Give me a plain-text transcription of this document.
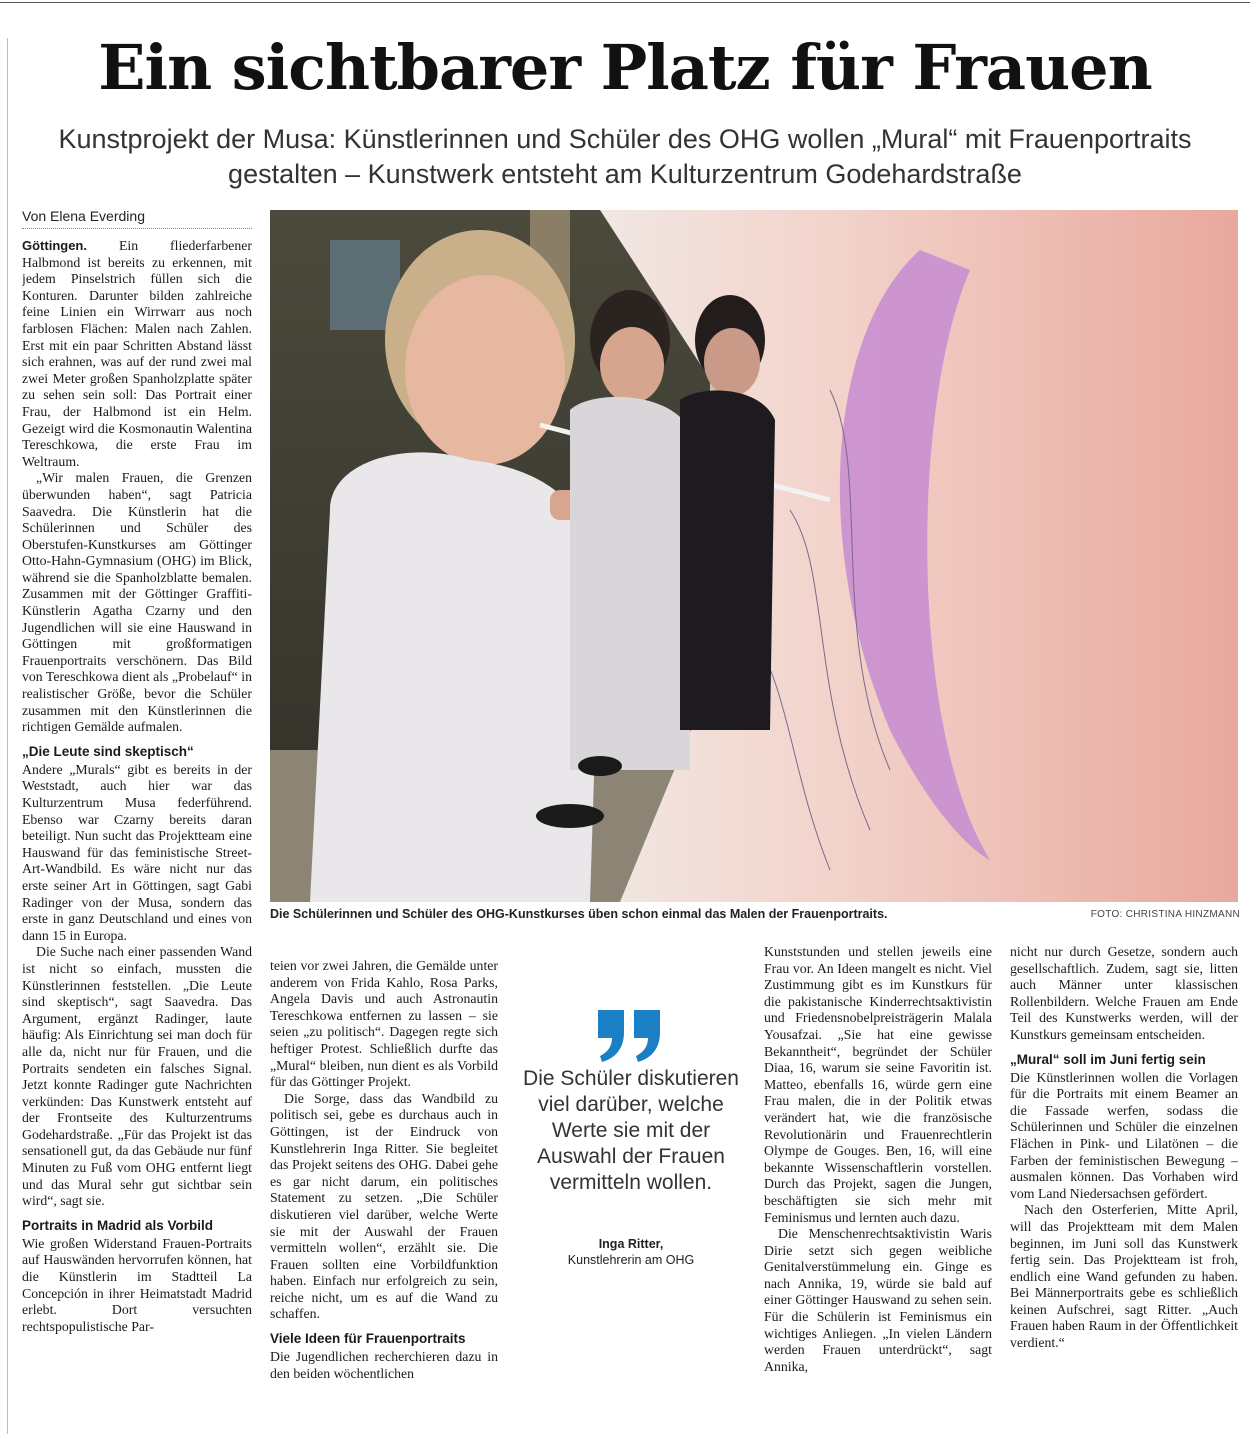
Ein sichtbarer Platz für Frauen
Kunstprojekt der Musa: Künstlerinnen und Schüler des OHG wollen „Mural“ mit Frauenportraits gestalten – Kunstwerk entsteht am Kulturzentrum Godehardstraße
Von Elena Everding

Göttingen. Ein fliederfarbener Halbmond ist bereits zu erkennen, mit jedem Pinselstrich füllen sich die Konturen. Darunter bilden zahlreiche feine Linien ein Wirrwarr aus noch farblosen Flächen: Malen nach Zahlen. Erst mit ein paar Schritten Abstand lässt sich erahnen, was auf der rund zwei mal zwei Meter großen Spanholzplatte später zu sehen sein soll: Das Portrait einer Frau, der Halbmond ist ein Helm. Gezeigt wird die Kosmonautin Walentina Tereschkowa, die erste Frau im Weltraum.

„Wir malen Frauen, die Grenzen überwunden haben“, sagt Patricia Saavedra. Die Künstlerin hat die Schülerinnen und Schüler des Oberstufen-Kunstkurses am Göttinger Otto-Hahn-Gymnasium (OHG) im Blick, während sie die Spanholzblatte bemalen. Zusammen mit der Göttinger Graffiti-Künstlerin Agatha Czarny und den Jugendlichen will sie eine Hauswand in Göttingen mit großformatigen Frauenportraits verschönern. Das Bild von Tereschkowa dient als „Probelauf“ in realistischer Größe, bevor die Schüler zusammen mit den Künstlerinnen die richtigen Gemälde aufmalen.

„Die Leute sind skeptisch“

Andere „Murals“ gibt es bereits in der Weststadt, auch hier war das Kulturzentrum Musa federführend. Ebenso war Czarny bereits daran beteiligt. Nun sucht das Projektteam eine Hauswand für das feministische Street-Art-Wandbild. Es wäre nicht nur das erste seiner Art in Göttingen, sagt Gabi Radinger von der Musa, sondern das erste in ganz Deutschland und eines von dann 15 in Europa.

Die Suche nach einer passenden Wand ist nicht so einfach, mussten die Künstlerinnen feststellen. „Die Leute sind skeptisch“, sagt Saavedra. Das Argument, ergänzt Radinger, laute häufig: Als Einrichtung sei man doch für alle da, nicht nur für Frauen, und die Portraits sendeten ein falsches Signal. Jetzt konnte Radinger gute Nachrichten verkünden: Das Kunstwerk entsteht auf der Frontseite des Kulturzentrums Godehardstraße. „Für das Projekt ist das sensationell gut, da das Gebäude nur fünf Minuten zu Fuß vom OHG entfernt liegt und das Mural sehr gut sichtbar sein wird“, sagt sie.

Portraits in Madrid als Vorbild

Wie großen Widerstand Frauen-Portraits auf Hauswänden hervorrufen können, hat die Künstlerin im Stadtteil La Concepción in ihrer Heimatstadt Madrid erlebt. Dort versuchten rechtspopulistische Par-

Die Schülerinnen und Schüler des OHG-Kunstkurses üben schon einmal das Malen der Frauenportraits.	FOTO: CHRISTINA HINZMANN

teien vor zwei Jahren, die Gemälde unter anderem von Frida Kahlo, Rosa Parks, Angela Davis und auch Astronautin Tereschkowa entfernen zu lassen – sie seien „zu politisch“. Dagegen regte sich heftiger Protest. Schließlich durfte das „Mural“ bleiben, nun dient es als Vorbild für das Göttinger Projekt.

Die Sorge, dass das Wandbild zu politisch sei, gebe es durchaus auch in Göttingen, ist der Eindruck von Kunstlehrerin Inga Ritter. Sie begleitet das Projekt seitens des OHG. Dabei gehe es gar nicht darum, ein politisches Statement zu setzen. „Die Schüler diskutieren viel darüber, welche Werte sie mit der Auswahl der Frauen vermitteln wollen“, erzählt sie. Die Frauen sollten eine Vorbildfunktion haben. Einfach nur erfolgreich zu sein, reiche nicht, um es auf die Wand zu schaffen.

Viele Ideen für Frauenportraits

Die Jugendlichen recherchieren dazu in den beiden wöchentlichen

Die Schüler diskutieren viel darüber, welche Werte sie mit der Auswahl der Frauen vermitteln wollen.
Inga Ritter,
Kunstlehrerin am OHG

Kunststunden und stellen jeweils eine Frau vor. An Ideen mangelt es nicht. Viel Zustimmung gibt es im Kunstkurs für die pakistanische Kinderrechtsaktivistin und Friedensnobelpreisträgerin Malala Yousafzai. „Sie hat eine gewisse Bekanntheit“, begründet der Schüler Diaa, 16, warum sie seine Favoritin ist. Matteo, ebenfalls 16, würde gern eine Frau malen, die in der Politik etwas verändert hat, wie die französische Revolutionärin und Frauenrechtlerin Olympe de Gouges. Ben, 16, will eine bekannte Wissenschaftlerin vorstellen. Durch das Projekt, sagen die Jungen, beschäftigten sie sich mehr mit Feminismus und lernten auch dazu.

Die Menschenrechtsaktivistin Waris Dirie setzt sich gegen weibliche Genitalverstümmelung ein. Ginge es nach Annika, 19, würde sie bald auf einer Göttinger Hauswand zu sehen sein. Für die Schülerin ist Feminismus ein wichtiges Anliegen. „In vielen Ländern werden Frauen unterdrückt“, sagt Annika,

nicht nur durch Gesetze, sondern auch gesellschaftlich. Zudem, sagt sie, litten auch Männer unter klassischen Rollenbildern. Welche Frauen am Ende Teil des Kunstwerks werden, will der Kunstkurs gemeinsam entscheiden.

„Mural“ soll im Juni fertig sein

Die Künstlerinnen wollen die Vorlagen für die Portraits mit einem Beamer an die Fassade werfen, sodass die Schülerinnen und Schüler die einzelnen Flächen in Pink- und Lilatönen – die Farben der feministischen Bewegung – ausmalen können. Das Vorhaben wird vom Land Niedersachsen gefördert.

Nach den Osterferien, Mitte April, will das Projektteam mit dem Malen beginnen, im Juni soll das Kunstwerk fertig sein. Das Projektteam ist froh, endlich eine Wand gefunden zu haben. Bei Männerportraits gebe es schließlich keinen Aufschrei, sagt Ritter. „Auch Frauen haben Raum in der Öffentlichkeit verdient.“
